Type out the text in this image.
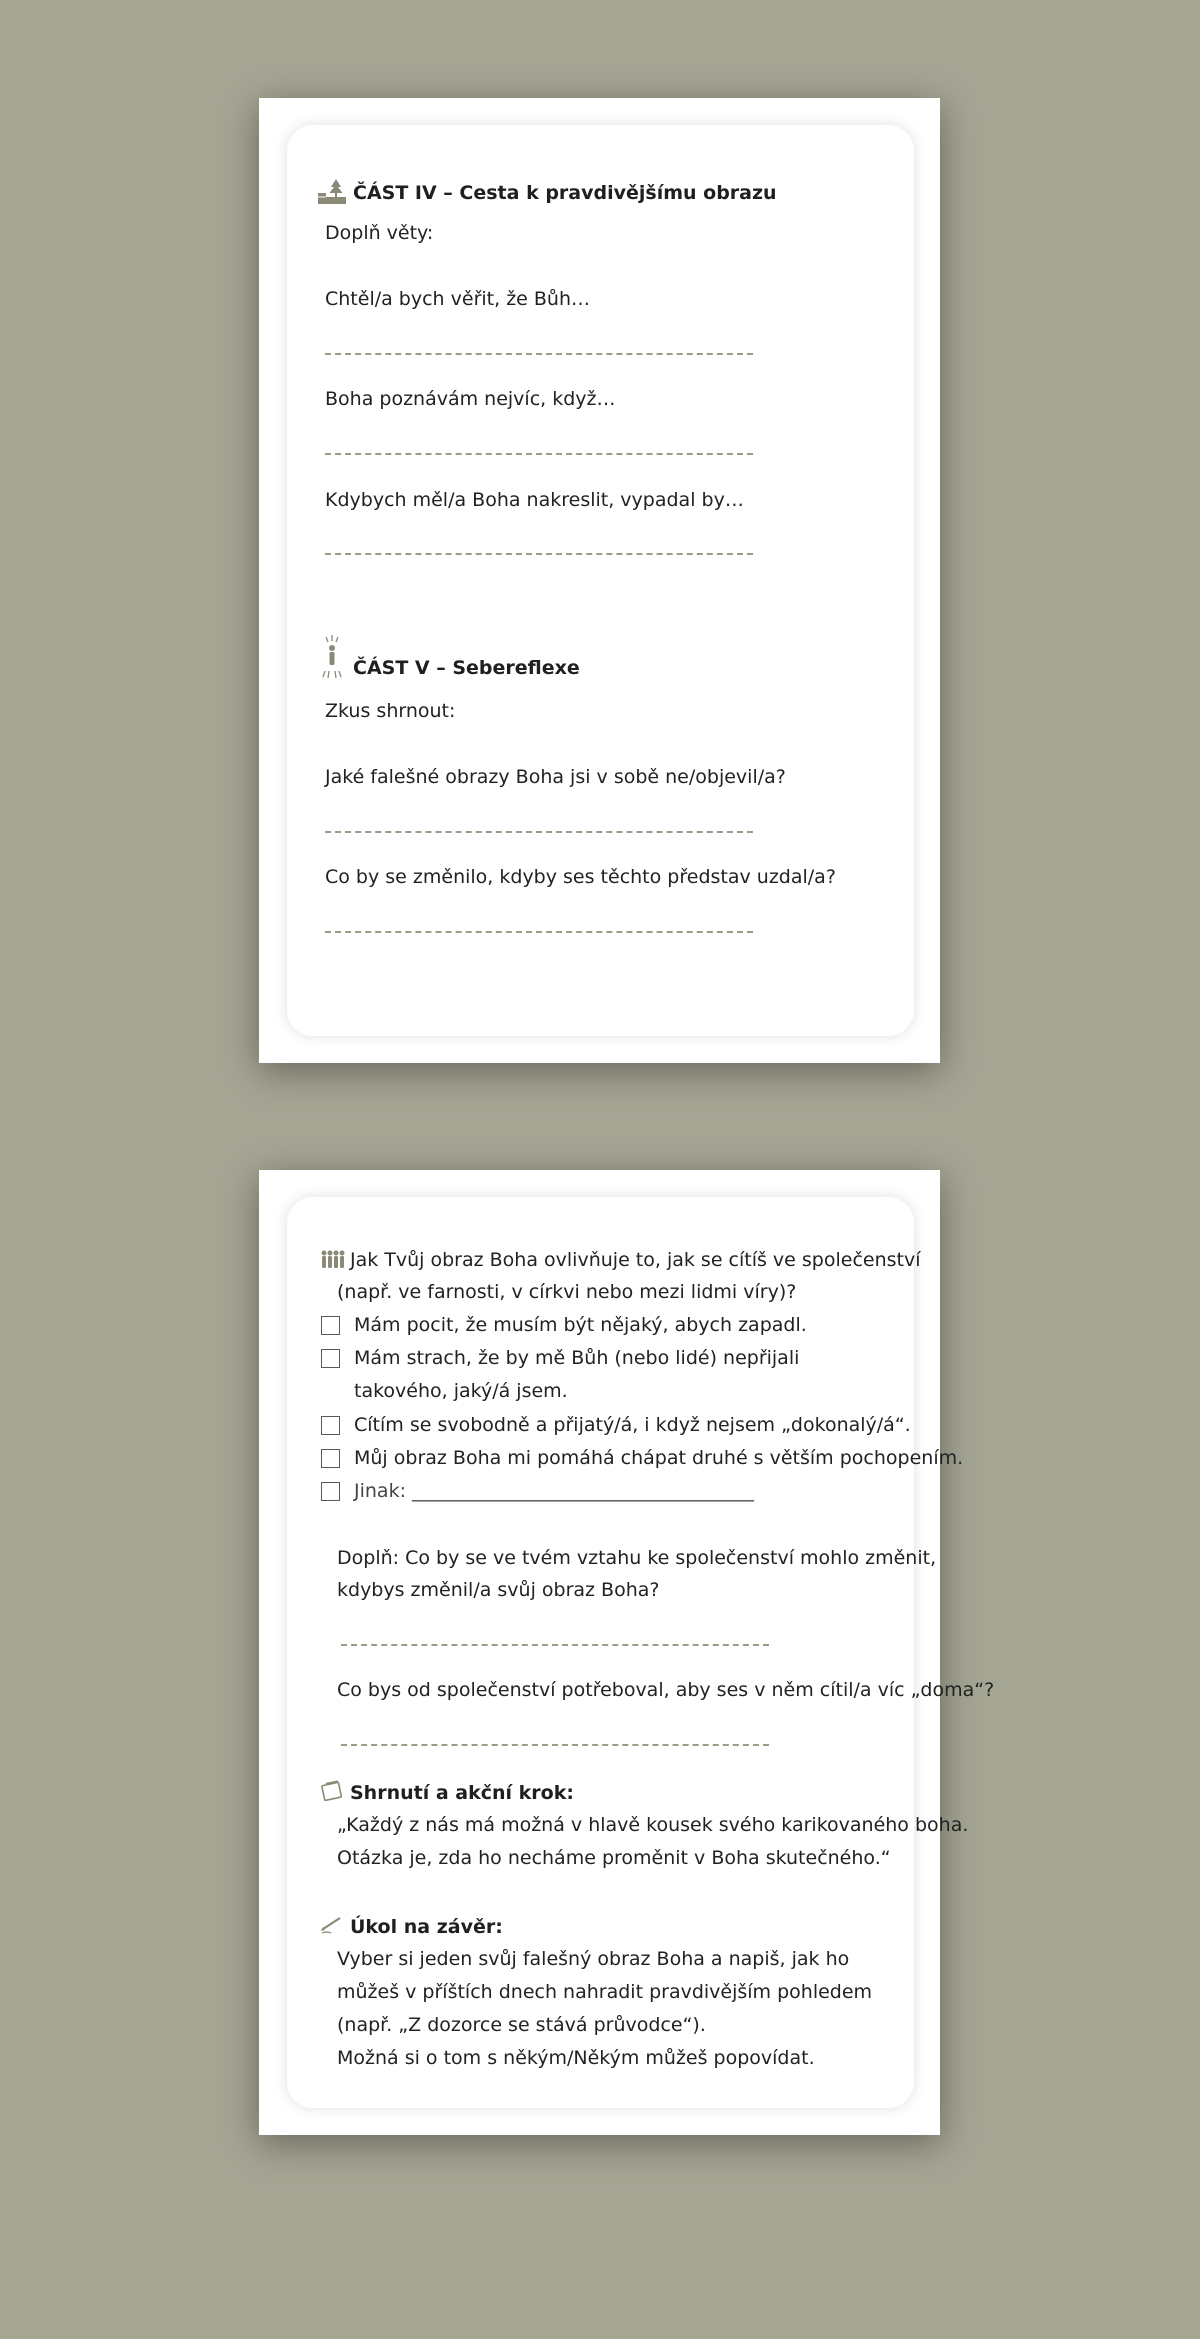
ČÁST IV – Cesta k pravdivějšímu obrazu
Doplň věty:
Chtěl/a bych věřit, že Bůh…
Boha poznávám nejvíc, když…
Kdybych měl/a Boha nakreslit, vypadal by…
ČÁST V – Sebereflexe
Zkus shrnout:
Jaké falešné obrazy Boha jsi v sobě ne/objevil/a?
Co by se změnilo, kdyby ses těchto představ uzdal/a?
Jak Tvůj obraz Boha ovlivňuje to, jak se cítíš ve společenství
(např. ve farnosti, v církvi nebo mezi lidmi víry)?
Mám pocit, že musím být nějaký, abych zapadl.
Mám strach, že by mě Bůh (nebo lidé) nepřijali
takového, jaký/á jsem.
Cítím se svobodně a přijatý/á, i když nejsem „dokonalý/á“.
Můj obraz Boha mi pomáhá chápat druhé s větším pochopením.
Jinak: ____________________________________
Doplň: Co by se ve tvém vztahu ke společenství mohlo změnit,
kdybys změnil/a svůj obraz Boha?
Co bys od společenství potřeboval, aby ses v něm cítil/a víc „doma“?
Shrnutí a akční krok:
„Každý z nás má možná v hlavě kousek svého karikovaného boha.
Otázka je, zda ho necháme proměnit v Boha skutečného.“
Úkol na závěr:
Vyber si jeden svůj falešný obraz Boha a napiš, jak ho
můžeš v příštích dnech nahradit pravdivějším pohledem
(např. „Z dozorce se stává průvodce“).
Možná si o tom s někým/Někým můžeš popovídat.
